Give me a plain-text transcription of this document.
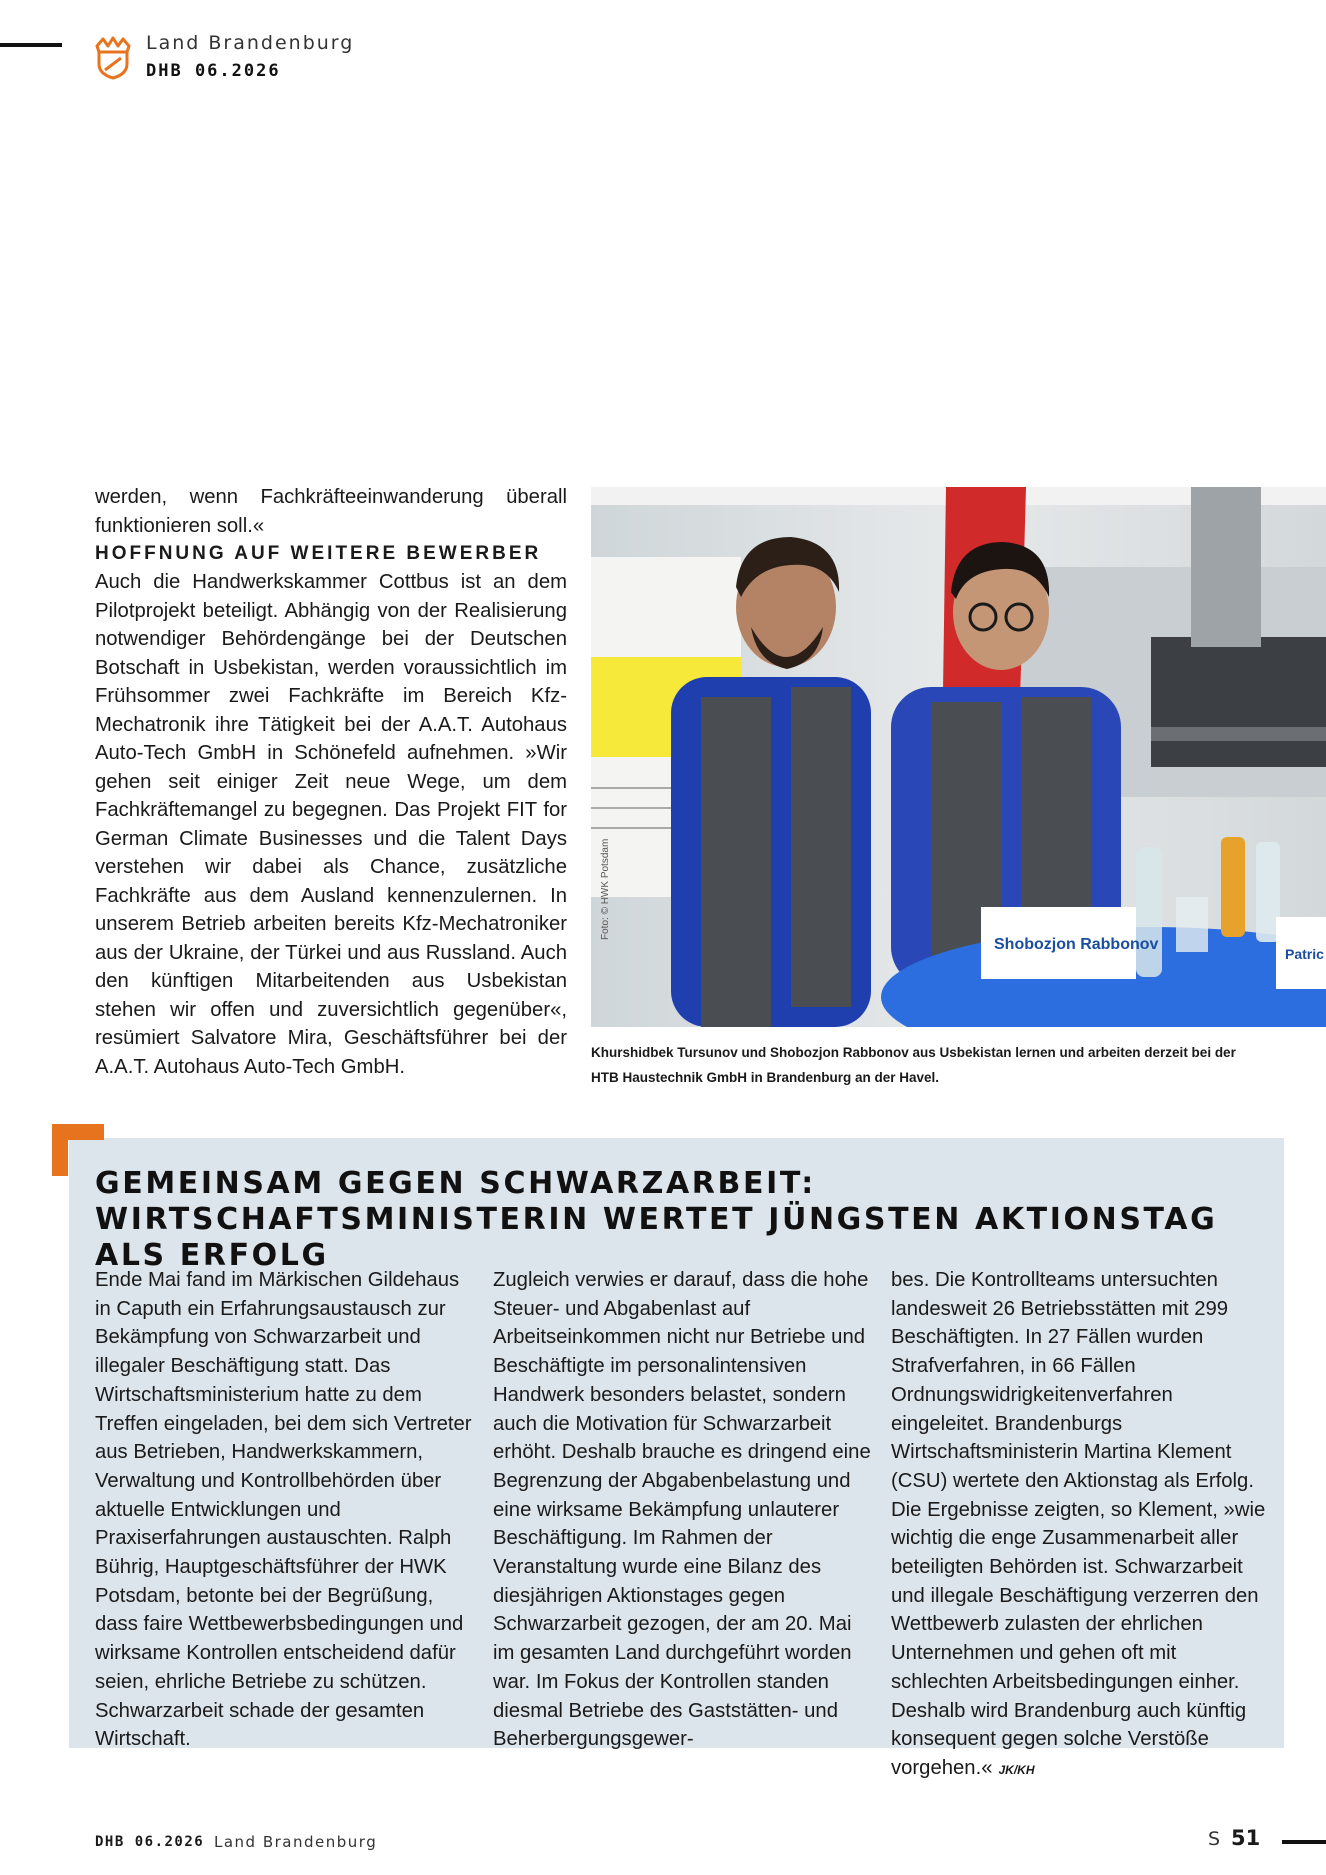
Land Brandenburg
DHB 06.2026

werden, wenn Fachkräfteeinwanderung überall funktionieren soll.«

HOFFNUNG AUF WEITERE BEWERBER

Auch die Handwerkskammer Cottbus ist an dem Pilotprojekt beteiligt. Abhängig von der Realisierung notwendiger Behördengänge bei der Deutschen Botschaft in Usbekistan, werden voraussichtlich im Frühsommer zwei Fachkräfte im Bereich Kfz-Mechatronik ihre Tätigkeit bei der A.A.T. Autohaus Auto-Tech GmbH in Schönefeld aufnehmen. »Wir gehen seit einiger Zeit neue Wege, um dem Fachkräftemangel zu begegnen. Das Projekt FIT for German Climate Businesses und die Talent Days verstehen wir dabei als Chance, zusätzliche Fachkräfte aus dem Ausland kennenzulernen. In unserem Betrieb arbeiten bereits Kfz-Mechatroniker aus der Ukraine, der Türkei und aus Russland. Auch den künftigen Mitarbeitenden aus Usbekistan stehen wir offen und zuversichtlich gegenüber«, resümiert Salvatore Mira, Geschäftsführer bei der A.A.T. Autohaus Auto-Tech GmbH.

Shobozjon Rabbonov
Patric
Foto: © HWK Potsdam
Khurshidbek Tursunov und Shobozjon Rabbonov aus Usbekistan lernen und arbeiten derzeit bei der HTB Haustechnik GmbH in Brandenburg an der Havel.
GEMEINSAM GEGEN SCHWARZARBEIT: WIRTSCHAFTSMINISTERIN WERTET JÜNGSTEN AKTIONSTAG ALS ERFOLG
Ende Mai fand im Märkischen Gildehaus in Caputh ein Erfahrungsaustausch zur Bekämpfung von Schwarzarbeit und illegaler Beschäftigung statt. Das Wirtschaftsministerium hatte zu dem Treffen eingeladen, bei dem sich Vertreter aus Betrieben, Handwerkskammern, Verwaltung und Kontrollbehörden über aktuelle Entwicklungen und Praxiserfahrungen austauschten. Ralph Bührig, Hauptgeschäftsführer der HWK Potsdam, betonte bei der Begrüßung, dass faire Wettbewerbsbedingungen und wirksame Kontrollen entscheidend dafür seien, ehrliche Betriebe zu schützen. Schwarzarbeit schade der gesamten Wirtschaft.
Zugleich verwies er darauf, dass die hohe Steuer- und Abgabenlast auf Arbeitseinkommen nicht nur Betriebe und Beschäftigte im personalintensiven Handwerk besonders belastet, sondern auch die Motivation für Schwarzarbeit erhöht. Deshalb brauche es dringend eine Begrenzung der Abgabenbelastung und eine wirksame Bekämpfung unlauterer Beschäftigung. Im Rahmen der Veranstaltung wurde eine Bilanz des diesjährigen Aktionstages gegen Schwarzarbeit gezogen, der am 20. Mai im gesamten Land durchgeführt worden war. Im Fokus der Kontrollen standen diesmal Betriebe des Gaststätten- und Beherbergungsgewer-
bes. Die Kontrollteams untersuchten landesweit 26 Betriebsstätten mit 299 Beschäftigten. In 27 Fällen wurden Strafverfahren, in 66 Fällen Ordnungswidrigkeitenverfahren eingeleitet. Brandenburgs Wirtschaftsministerin Martina Klement (CSU) wertete den Aktionstag als Erfolg. Die Ergebnisse zeigten, so Klement, »wie wichtig die enge Zusammenarbeit aller beteiligten Behörden ist. Schwarzarbeit und illegale Beschäftigung verzerren den Wettbewerb zulasten der ehrlichen Unternehmen und gehen oft mit schlechten Arbeitsbedingungen einher. Deshalb wird Brandenburg auch künftig konsequent gegen solche Verstöße vorgehen.« JK/KH
DHB 06.2026 Land Brandenburg	S 51
